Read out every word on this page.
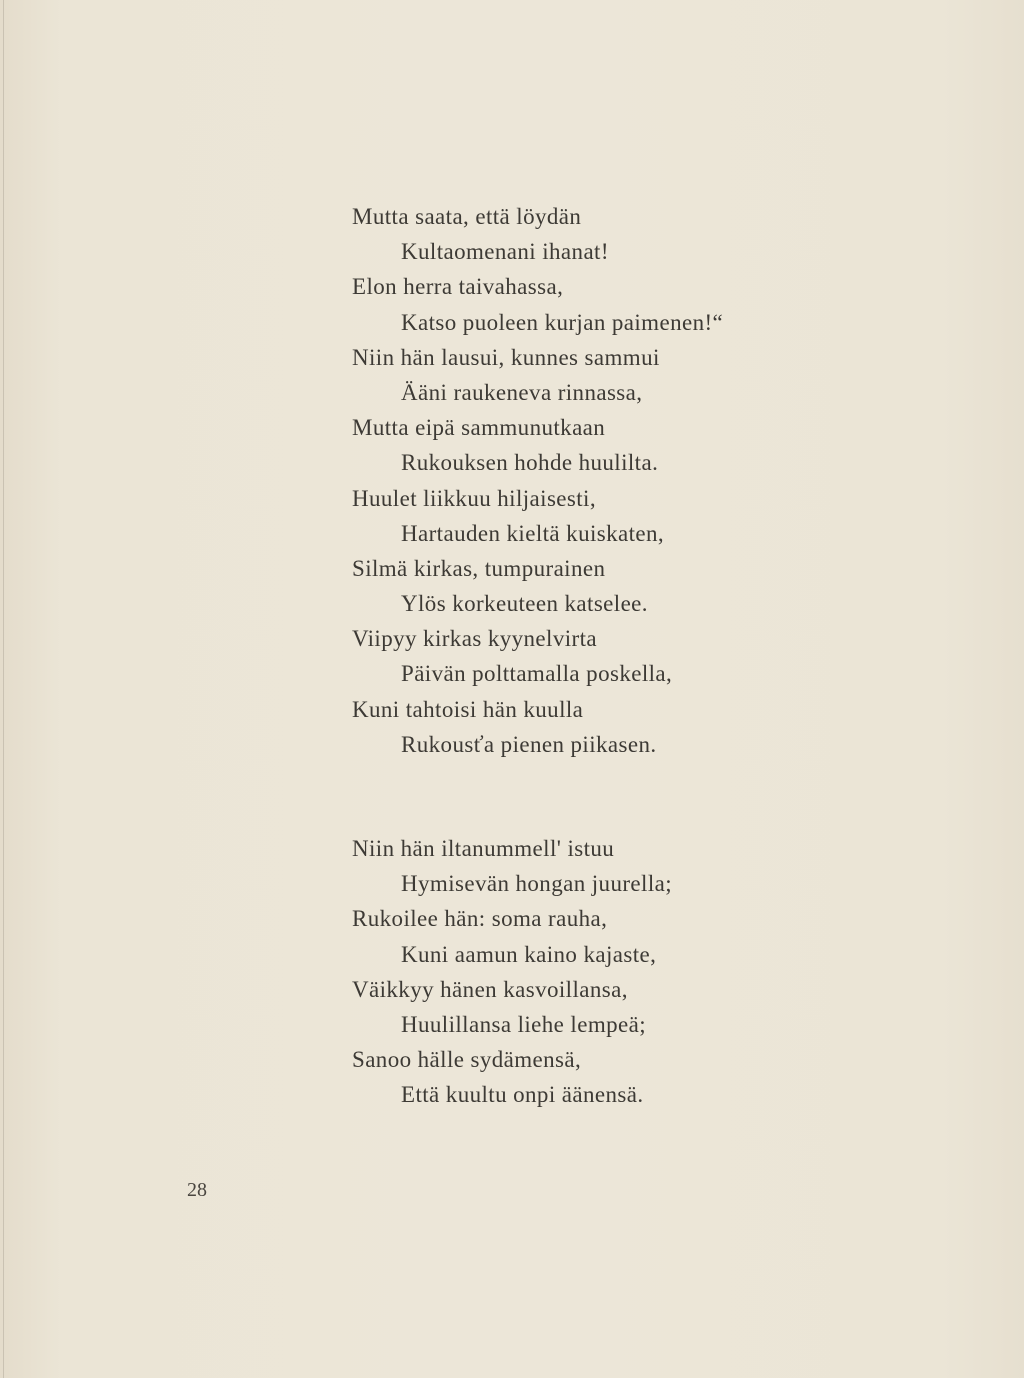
Mutta saata, että löydän
Kultaomenani ihanat!
Elon herra taivahassa,
Katso puoleen kurjan paimenen!“
Niin hän lausui, kunnes sammui
Ääni raukeneva rinnassa,
Mutta eipä sammunutkaan
Rukouksen hohde huulilta.
Huulet liikkuu hiljaisesti,
Hartauden kieltä kuiskaten,
Silmä kirkas, tumpurainen
Ylös korkeuteen katselee.
Viipyy kirkas kyynelvirta
Päivän polttamalla poskella,
Kuni tahtoisi hän kuulla
Rukousťa pienen piikasen.
Niin hän iltanummell' istuu
Hymisevän hongan juurella;
Rukoilee hän: soma rauha,
Kuni aamun kaino kajaste,
Väikkyy hänen kasvoillansa,
Huulillansa liehe lempeä;
Sanoo hälle sydämensä,
Että kuultu onpi äänensä.
28
